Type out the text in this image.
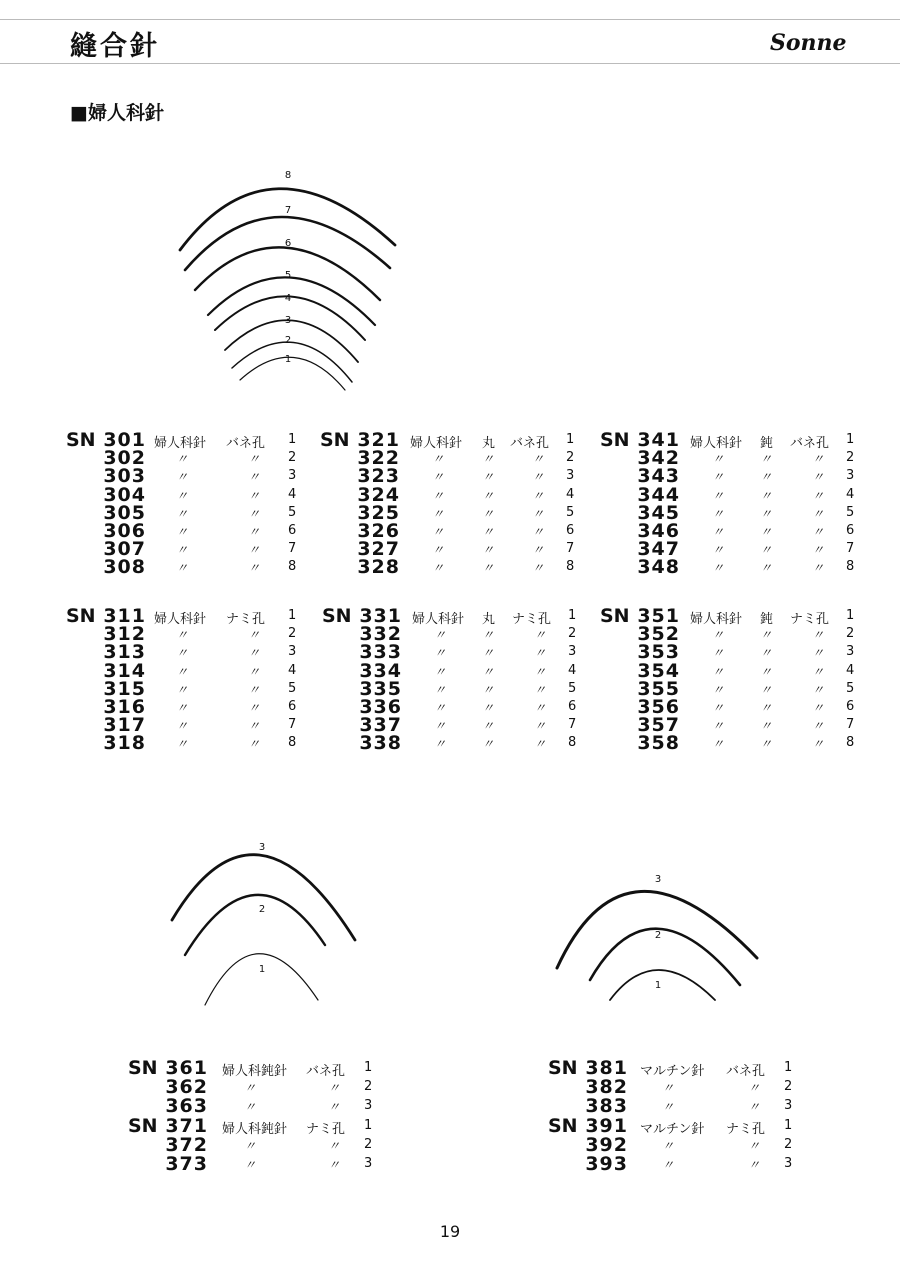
縫合針	Sonne
■婦人科針
8
7
6
5
4
3
2
1
SN 301 婦人科針 バネ孔 1
302	〃	〃 2
303	〃	〃 3
304	〃	〃 4
305	〃	〃 5
306	〃	〃 6
307	〃	〃 7
308	〃	〃 8
SN 321 婦人科針 丸 バネ孔 1
322	〃	〃	〃 2
323	〃	〃	〃 3
324	〃	〃	〃 4
325	〃	〃	〃 5
326	〃	〃	〃 6
327	〃	〃	〃 7
328	〃	〃	〃 8
SN 341 婦人科針 鈍 バネ孔 1
342	〃	〃	〃 2
343	〃	〃	〃 3
344	〃	〃	〃 4
345	〃	〃	〃 5
346	〃	〃	〃 6
347	〃	〃	〃 7
348	〃	〃	〃 8
SN 311 婦人科針 ナミ孔 1
312	〃	〃 2
313	〃	〃 3
314	〃	〃 4
315	〃	〃 5
316	〃	〃 6
317	〃	〃 7
318	〃	〃 8
SN 331 婦人科針 丸 ナミ孔 1
332	〃	〃	〃 2
333	〃	〃	〃 3
334	〃	〃	〃 4
335	〃	〃	〃 5
336	〃	〃	〃 6
337	〃	〃	〃 7
338	〃	〃	〃 8
SN 351 婦人科針 鈍 ナミ孔 1
352	〃	〃	〃 2
353	〃	〃	〃 3
354	〃	〃	〃 4
355	〃	〃	〃 5
356	〃	〃	〃 6
357	〃	〃	〃 7
358	〃	〃	〃 8
SN 361 婦人科鈍針 バネ孔 1
362	〃	〃 2
363	〃	〃 3
SN 371 婦人科鈍針 ナミ孔 1
372	〃	〃 2
373	〃	〃 3
SN 381 マルチン針 バネ孔 1
382	〃	〃 2
383	〃	〃 3
SN 391 マルチン針 ナミ孔 1
392	〃	〃 2
393	〃	〃 3
3
2
1
3
2
1
19
